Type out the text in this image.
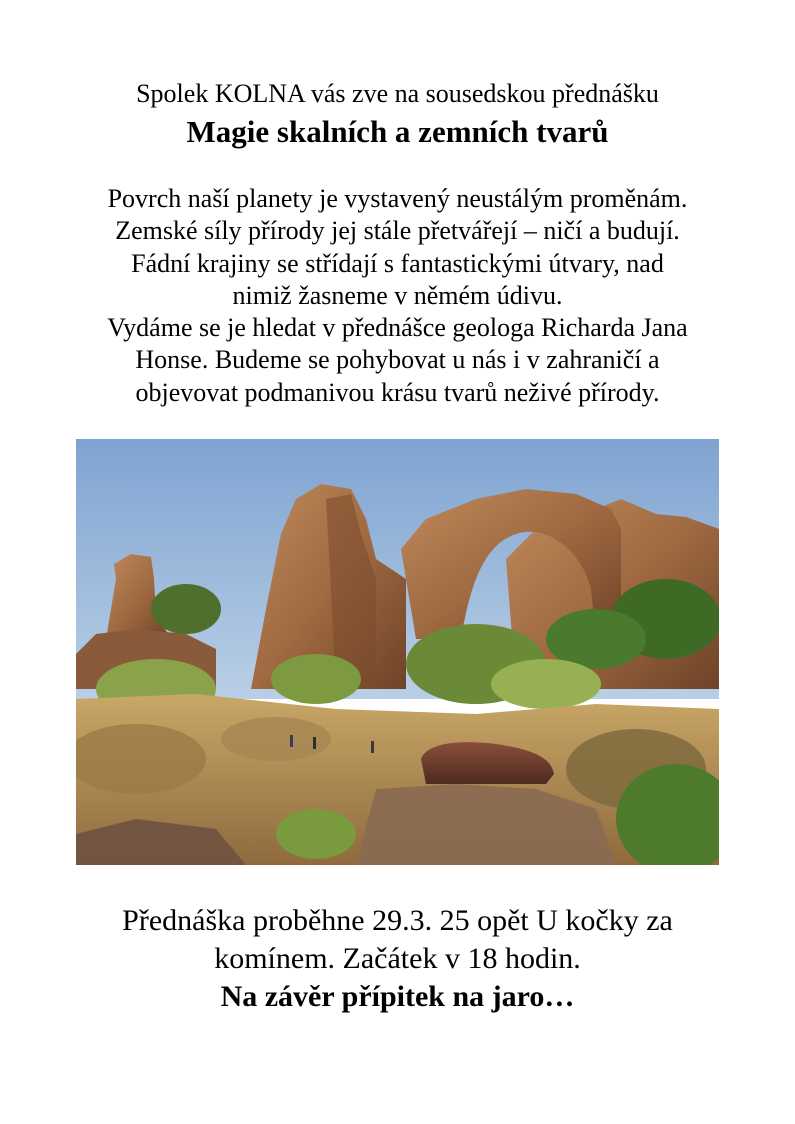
Spolek KOLNA vás zve na sousedskou přednášku
Magie skalních a zemních tvarů
Povrch naší planety je vystavený neustálým proměnám.
Zemské síly přírody jej stále přetvářejí – ničí a budují.
Fádní krajiny se střídají s fantastickými útvary, nad
nimiž žasneme v němém údivu.
Vydáme se je hledat v přednášce geologa Richarda Jana
Honse. Budeme se pohybovat u nás i v zahraničí a
objevovat podmanivou krásu tvarů neživé přírody.
Přednáška proběhne 29.3. 25 opět U kočky za
komínem. Začátek v 18 hodin.
Na závěr přípitek na jaro…
